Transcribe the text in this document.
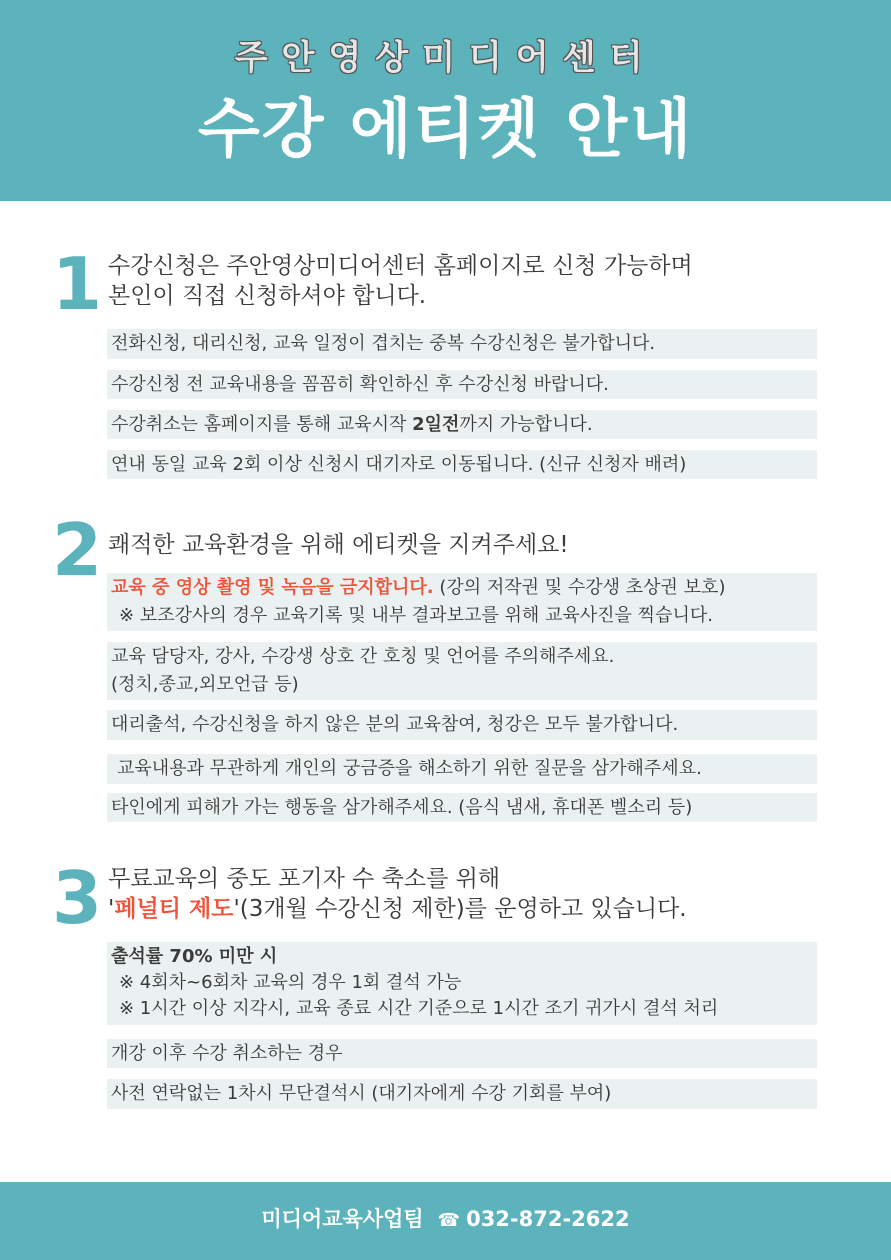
주안영상미디어센터
수강 에티켓 안내
1 수강신청은 주안영상미디어센터 홈페이지로 신청 가능하며
본인이 직접 신청하셔야 합니다.
전화신청, 대리신청, 교육 일정이 겹치는 중복 수강신청은 불가합니다.
수강신청 전 교육내용을 꼼꼼히 확인하신 후 수강신청 바랍니다.
수강취소는 홈페이지를 통해 교육시작 2일전까지 가능합니다.
연내 동일 교육 2회 이상 신청시 대기자로 이동됩니다. (신규 신청자 배려)
2 쾌적한 교육환경을 위해 에티켓을 지켜주세요!
교육 중 영상 촬영 및 녹음을 금지합니다. (강의 저작권 및 수강생 초상권 보호)
※ 보조강사의 경우 교육기록 및 내부 결과보고를 위해 교육사진을 찍습니다.
교육 담당자, 강사, 수강생 상호 간 호칭 및 언어를 주의해주세요.
(정치,종교,외모언급 등)
대리출석, 수강신청을 하지 않은 분의 교육참여, 청강은 모두 불가합니다.
교육내용과 무관하게 개인의 궁금증을 해소하기 위한 질문을 삼가해주세요.
타인에게 피해가 가는 행동을 삼가해주세요. (음식 냄새, 휴대폰 벨소리 등)
3 무료교육의 중도 포기자 수 축소를 위해
'페널티 제도'(3개월 수강신청 제한)를 운영하고 있습니다.
출석률 70% 미만 시
※ 4회차~6회차 교육의 경우 1회 결석 가능
※ 1시간 이상 지각시, 교육 종료 시간 기준으로 1시간 조기 귀가시 결석 처리
개강 이후 수강 취소하는 경우
사전 연락없는 1차시 무단결석시 (대기자에게 수강 기회를 부여)
미디어교육사업팀 ☎ 032-872-2622
